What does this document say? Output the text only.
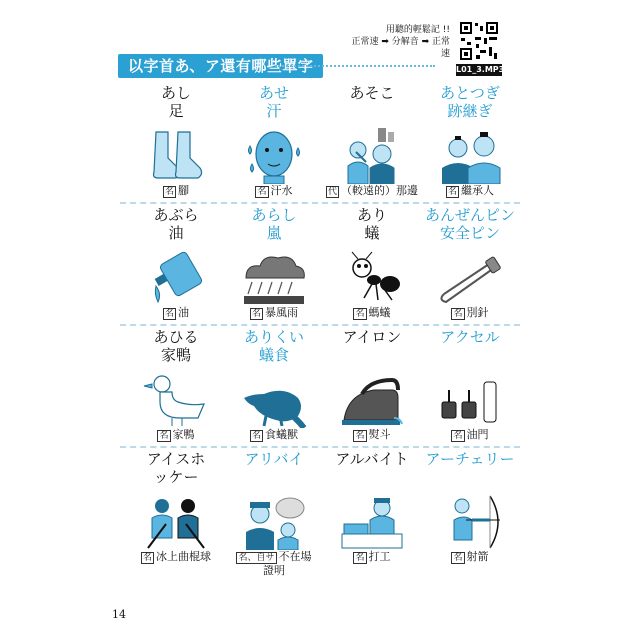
以字首あ、ア還有哪些單字
用聽的輕鬆記 !!
正常速 ➡ 分解音 ➡ 正常速
L01_3.MP3
あし
足
名 腳
あせ
汗
名 汗水
あそこ
代 （較遠的）那邊
あとつぎ
跡継ぎ
名 繼承人
あぶら
油
名 油
あらし
嵐
名 暴風雨
あり
蟻
名 螞蟻
あんぜんピン
安全ピン
名 別針
あひる
家鴨
名 家鴨
ありくい
蟻食
名 食蟻獸
アイロン
名 熨斗
アクセル
名 油門
アイスホ
ッケー
名 冰上曲棍球
アリバイ
名、自サ 不在場
證明
アルバイト
名 打工
アーチェリー
名 射箭
14
